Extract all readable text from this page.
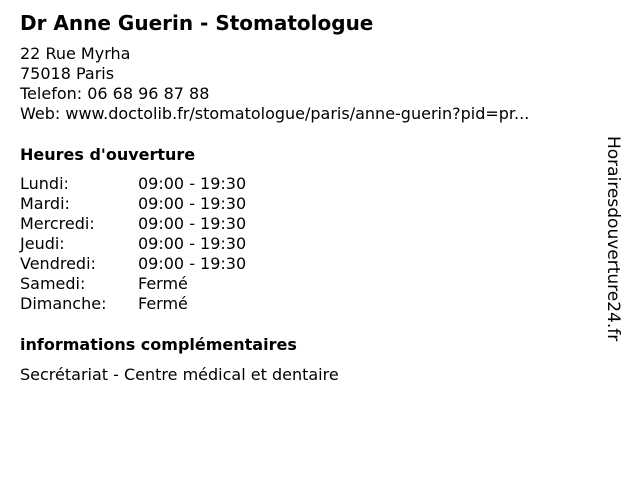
Dr Anne Guerin - Stomatologue
22 Rue Myrha
75018 Paris
Telefon: 06 68 96 87 88
Web: www.doctolib.fr/stomatologue/paris/anne-guerin?pid=pr...
Heures d'ouverture
Lundi:	09:00 - 19:30
Mardi:	09:00 - 19:30
Mercredi:	09:00 - 19:30
Jeudi:	09:00 - 19:30
Vendredi:	09:00 - 19:30
Samedi:	Fermé
Dimanche:	Fermé
informations complémentaires
Secrétariat - Centre médical et dentaire
Horairesdouverture24.fr
